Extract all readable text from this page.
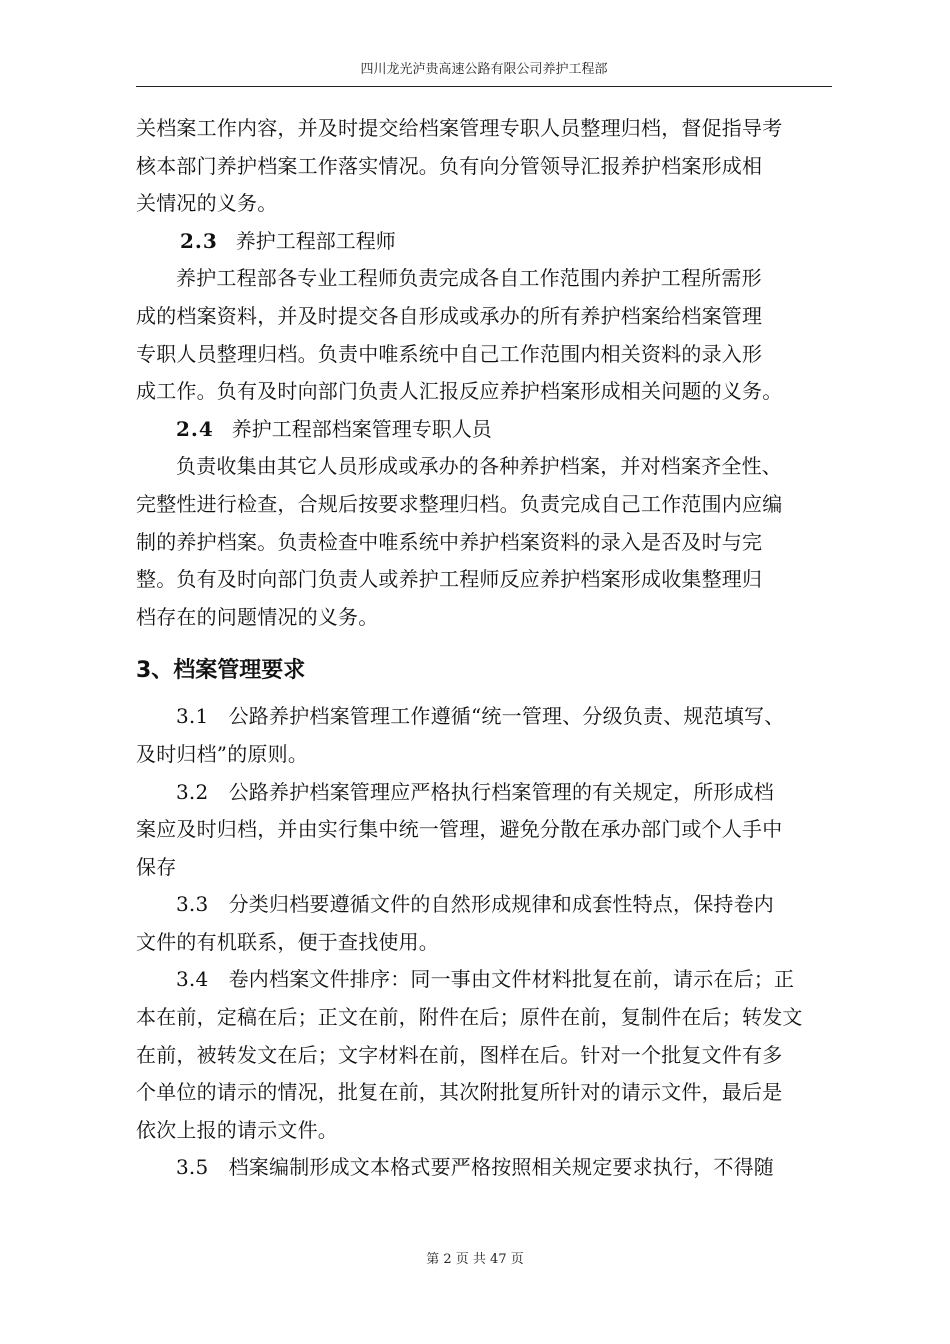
四川龙光泸贵高速公路有限公司养护工程部
关档案工作内容，并及时提交给档案管理专职人员整理归档，督促指导考
核本部门养护档案工作落实情况。负有向分管领导汇报养护档案形成相
关情况的义务。
2.3 养护工程部工程师
养护工程部各专业工程师负责完成各自工作范围内养护工程所需形
成的档案资料，并及时提交各自形成或承办的所有养护档案给档案管理
专职人员整理归档。负责中唯系统中自己工作范围内相关资料的录入形
成工作。负有及时向部门负责人汇报反应养护档案形成相关问题的义务。
2.4 养护工程部档案管理专职人员
负责收集由其它人员形成或承办的各种养护档案，并对档案齐全性、
完整性进行检查，合规后按要求整理归档。负责完成自己工作范围内应编
制的养护档案。负责检查中唯系统中养护档案资料的录入是否及时与完
整。负有及时向部门负责人或养护工程师反应养护档案形成收集整理归
档存在的问题情况的义务。
3、档案管理要求
3.1　公路养护档案管理工作遵循“统一管理、分级负责、规范填写、
及时归档”的原则。
3.2　公路养护档案管理应严格执行档案管理的有关规定，所形成档
案应及时归档，并由实行集中统一管理，避免分散在承办部门或个人手中
保存
3.3　分类归档要遵循文件的自然形成规律和成套性特点，保持卷内
文件的有机联系，便于查找使用。
3.4　卷内档案文件排序：同一事由文件材料批复在前，请示在后；正
本在前，定稿在后；正文在前，附件在后；原件在前，复制件在后；转发文
在前，被转发文在后；文字材料在前，图样在后。针对一个批复文件有多
个单位的请示的情况，批复在前，其次附批复所针对的请示文件，最后是
依次上报的请示文件。
3.5　档案编制形成文本格式要严格按照相关规定要求执行，不得随
第 2 页 共 47 页
